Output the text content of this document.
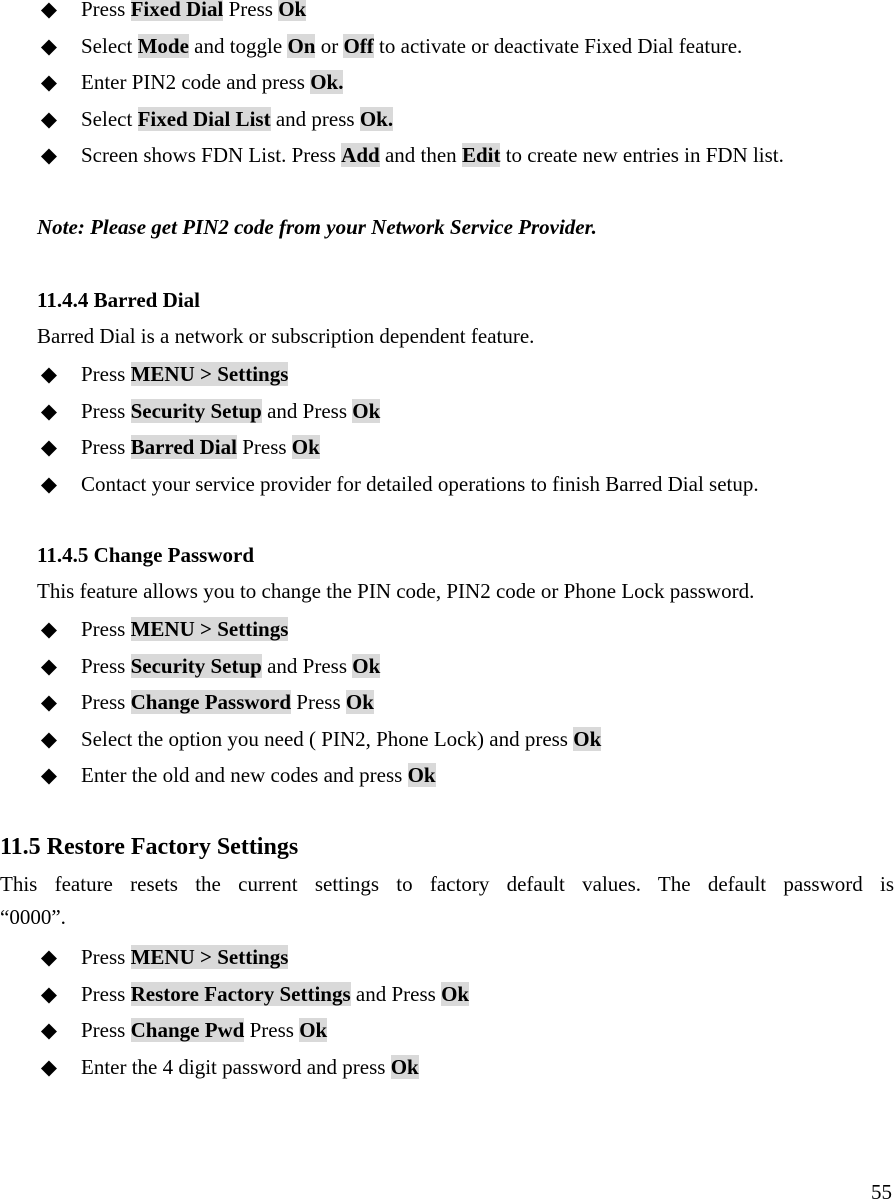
◆ Press Fixed Dial Press Ok
◆ Select Mode and toggle On or Off to activate or deactivate Fixed Dial feature.
◆ Enter PIN2 code and press Ok.
◆ Select Fixed Dial List and press Ok.
◆ Screen shows FDN List. Press Add and then Edit to create new entries in FDN list.
Note: Please get PIN2 code from your Network Service Provider.
11.4.4 Barred Dial
Barred Dial is a network or subscription dependent feature.
◆ Press MENU > Settings
◆ Press Security Setup and Press Ok
◆ Press Barred Dial Press Ok
◆ Contact your service provider for detailed operations to finish Barred Dial setup.
11.4.5 Change Password
This feature allows you to change the PIN code, PIN2 code or Phone Lock password.
◆ Press MENU > Settings
◆ Press Security Setup and Press Ok
◆ Press Change Password Press Ok
◆ Select the option you need ( PIN2, Phone Lock) and press Ok
◆ Enter the old and new codes and press Ok
11.5 Restore Factory Settings
This feature resets the current settings to factory default values. The default password is
“0000”.
◆ Press MENU > Settings
◆ Press Restore Factory Settings and Press Ok
◆ Press Change Pwd Press Ok
◆ Enter the 4 digit password and press Ok
55
